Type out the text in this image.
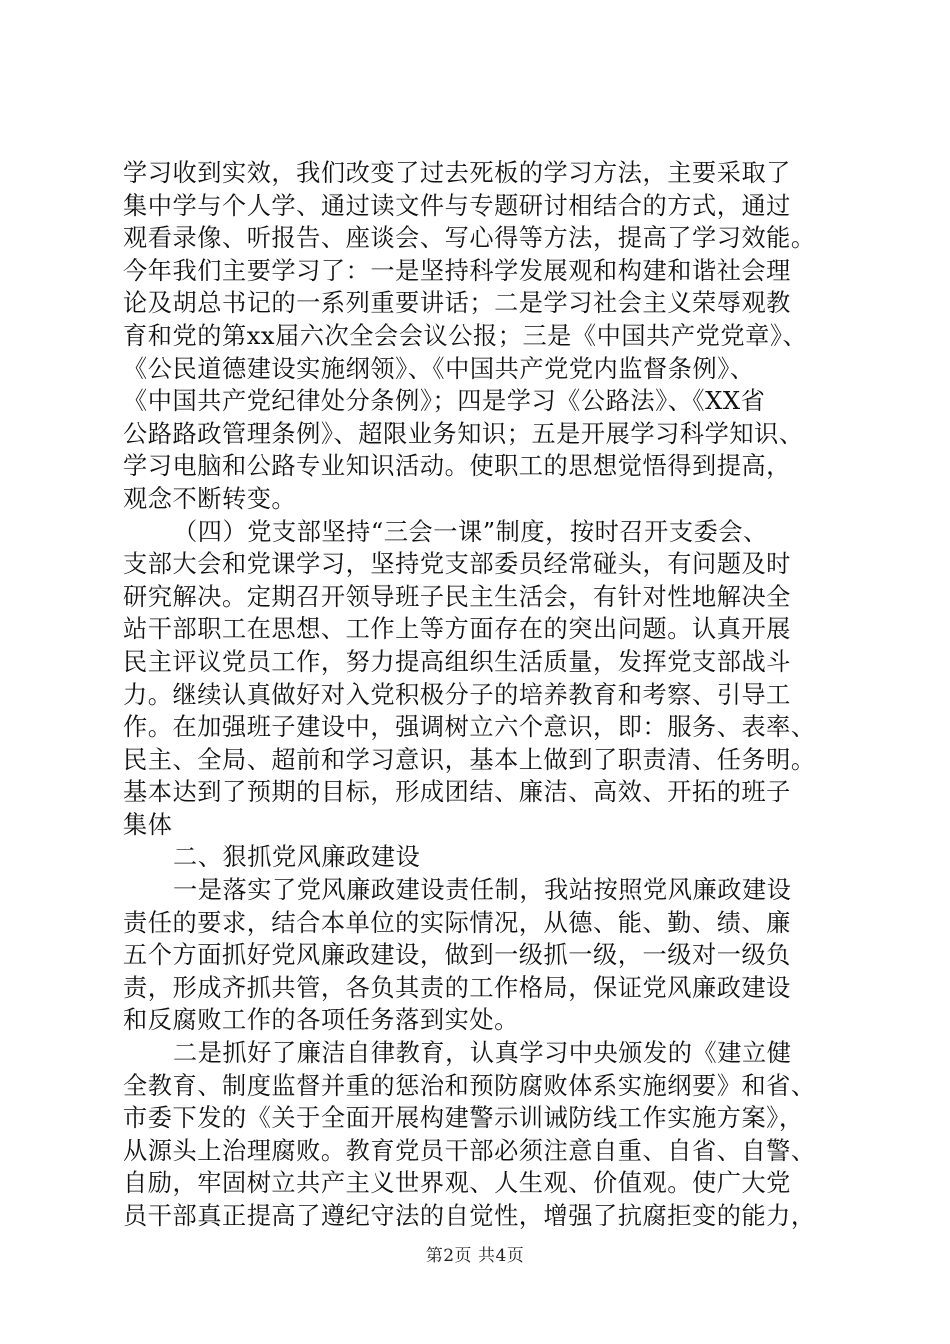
学习收到实效，我们改变了过去死板的学习方法，主要采取了
集中学与个人学、通过读文件与专题研讨相结合的方式，通过
观看录像、听报告、座谈会、写心得等方法，提高了学习效能。
今年我们主要学习了：一是坚持科学发展观和构建和谐社会理
论及胡总书记的一系列重要讲话；二是学习社会主义荣辱观教
育和党的第xx届六次全会会议公报；三是《中国共产党党章》、
《公民道德建设实施纲领》、《中国共产党党内监督条例》、
《中国共产党纪律处分条例》；四是学习《公路法》、《XX省
公路路政管理条例》、超限业务知识；五是开展学习科学知识、
学习电脑和公路专业知识活动。使职工的思想觉悟得到提高，
观念不断转变。
（四）党支部坚持“三会一课”制度，按时召开支委会、
支部大会和党课学习，坚持党支部委员经常碰头，有问题及时
研究解决。定期召开领导班子民主生活会，有针对性地解决全
站干部职工在思想、工作上等方面存在的突出问题。认真开展
民主评议党员工作，努力提高组织生活质量，发挥党支部战斗
力。继续认真做好对入党积极分子的培养教育和考察、引导工
作。在加强班子建设中，强调树立六个意识，即：服务、表率、
民主、全局、超前和学习意识，基本上做到了职责清、任务明。
基本达到了预期的目标，形成团结、廉洁、高效、开拓的班子
集体
二、狠抓党风廉政建设
一是落实了党风廉政建设责任制，我站按照党风廉政建设
责任的要求，结合本单位的实际情况，从德、能、勤、绩、廉
五个方面抓好党风廉政建设，做到一级抓一级，一级对一级负
责，形成齐抓共管，各负其责的工作格局，保证党风廉政建设
和反腐败工作的各项任务落到实处。
二是抓好了廉洁自律教育，认真学习中央颁发的《建立健
全教育、制度监督并重的惩治和预防腐败体系实施纲要》和省、
市委下发的《关于全面开展构建警示训诫防线工作实施方案》，
从源头上治理腐败。教育党员干部必须注意自重、自省、自警、
自励，牢固树立共产主义世界观、人生观、价值观。使广大党
员干部真正提高了遵纪守法的自觉性，增强了抗腐拒变的能力，
第2页 共4页
